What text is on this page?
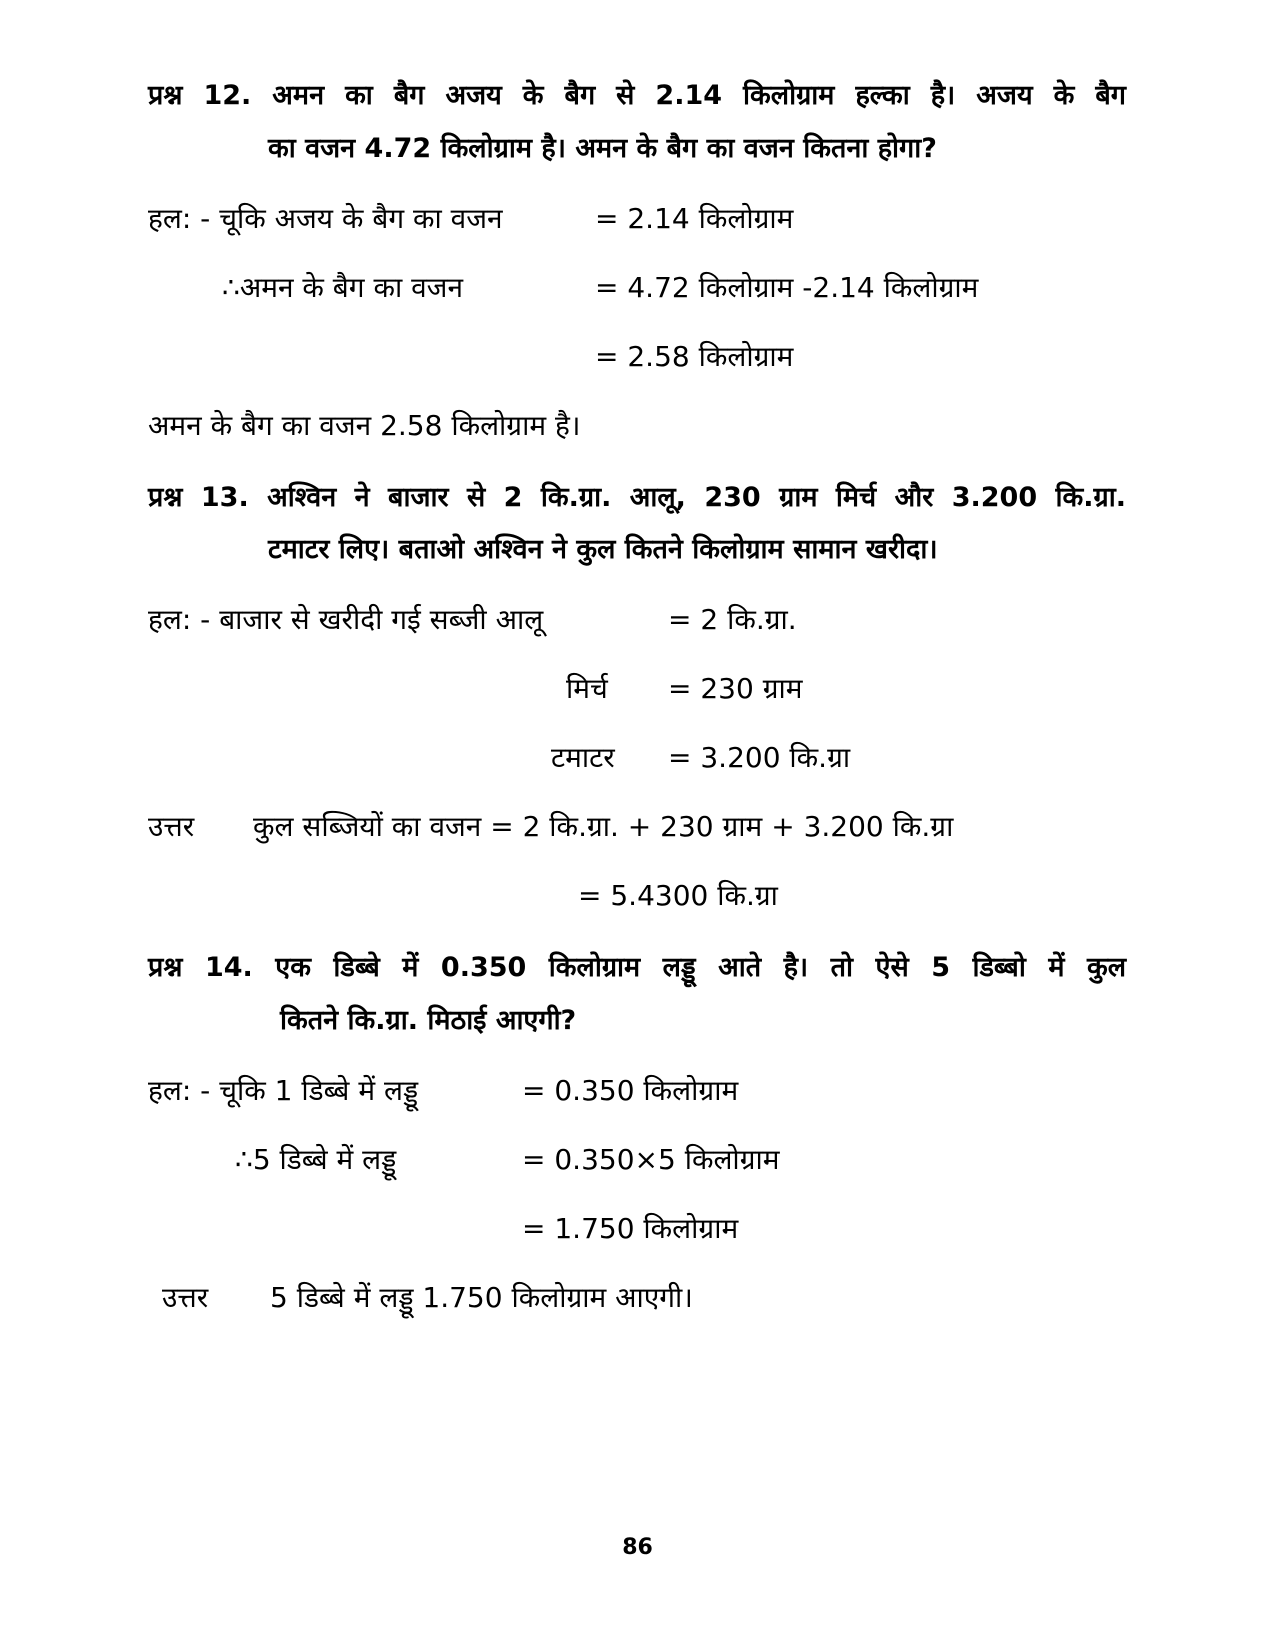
प्रश्न 12. अमन का बैग अजय के बैग से 2.14 किलोग्राम हल्का है। अजय के बैग
का वजन 4.72 किलोग्राम है। अमन के बैग का वजन कितना होगा?
हल: - चूकि अजय के बैग का वजन	= 2.14 किलोग्राम
∴अमन के बैग का वजन	= 4.72 किलोग्राम -2.14 किलोग्राम
= 2.58 किलोग्राम
अमन के बैग का वजन 2.58 किलोग्राम है।
प्रश्न 13. अश्विन ने बाजार से 2 कि.ग्रा. आलू, 230 ग्राम मिर्च और 3.200 कि.ग्रा.
टमाटर लिए। बताओ अश्विन ने कुल कितने किलोग्राम सामान खरीदा।
हल: - बाजार से खरीदी गई सब्जी आलू	= 2 कि.ग्रा.
मिर्च = 230 ग्राम
टमाटर = 3.200 कि.ग्रा
उत्तर कुल सब्जियों का वजन = 2 कि.ग्रा. + 230 ग्राम + 3.200 कि.ग्रा
= 5.4300 कि.ग्रा
प्रश्न 14. एक डिब्बे में 0.350 किलोग्राम लड्डू आते है। तो ऐसे 5 डिब्बो में कुल
कितने कि.ग्रा. मिठाई आएगी?
हल: - चूकि 1 डिब्बे में लड्डू	= 0.350 किलोग्राम
∴5 डिब्बे में लड्डू	= 0.350×5 किलोग्राम
= 1.750 किलोग्राम
उत्तर 5 डिब्बे में लड्डू 1.750 किलोग्राम आएगी।
86
